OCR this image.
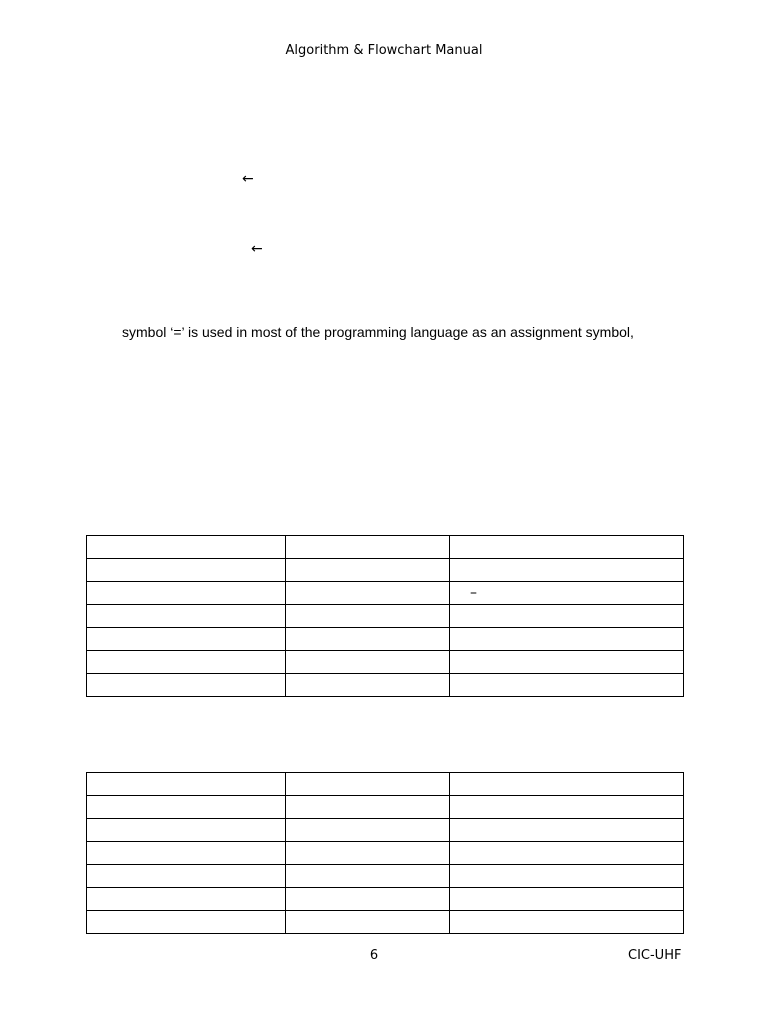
Algorithm & Flowchart Manual
←
←
symbol ‘=’ is used in most of the programming language as an assignment symbol,

		–

6	CIC-UHF
